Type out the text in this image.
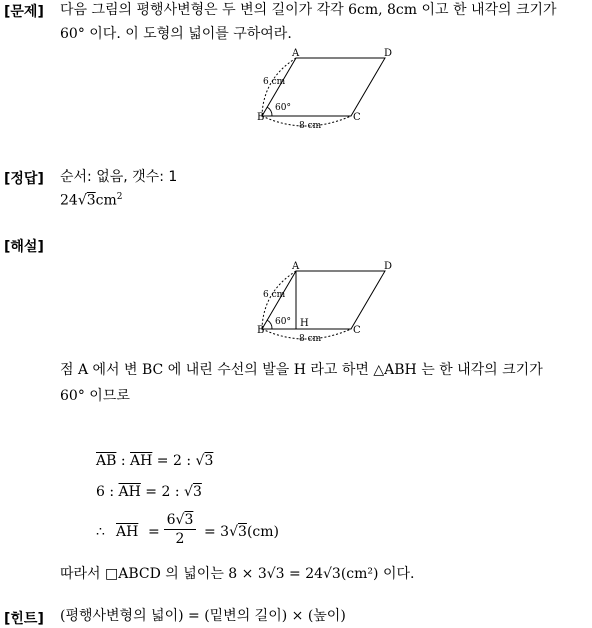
[문제] 다음 그림의 평행사변형은 두 변의 길이가 각각 6cm, 8cm 이고 한 내각의 크기가
60° 이다. 이 도형의 넓이를 구하여라.
A	D
B	C
6 cm
60°
8 cm
[정답] 순서: 없음, 갯수: 1
$24√3cm^2$
[해설]
A	D
B	C
H
6 cm
60°
8 cm
점 A 에서 변 BC 에 내린 수선의 발을 H 라고 하면 △ABH 는 한 내각의 크기가
60° 이므로
$\overline{AB}$ : $\overline{AH} = 2$ : √3
6 : $\overline{AH} = 2$ : √3
∴ $\overline{AH} = \frac{6√3}{2} = 3√3(cm)$
따라서 □ABCD 의 넓이는 8 × 3√3 = 24√3(cm²) 이다.
[힌트] (평행사변형의 넓이) = (밑변의 길이) × (높이)
